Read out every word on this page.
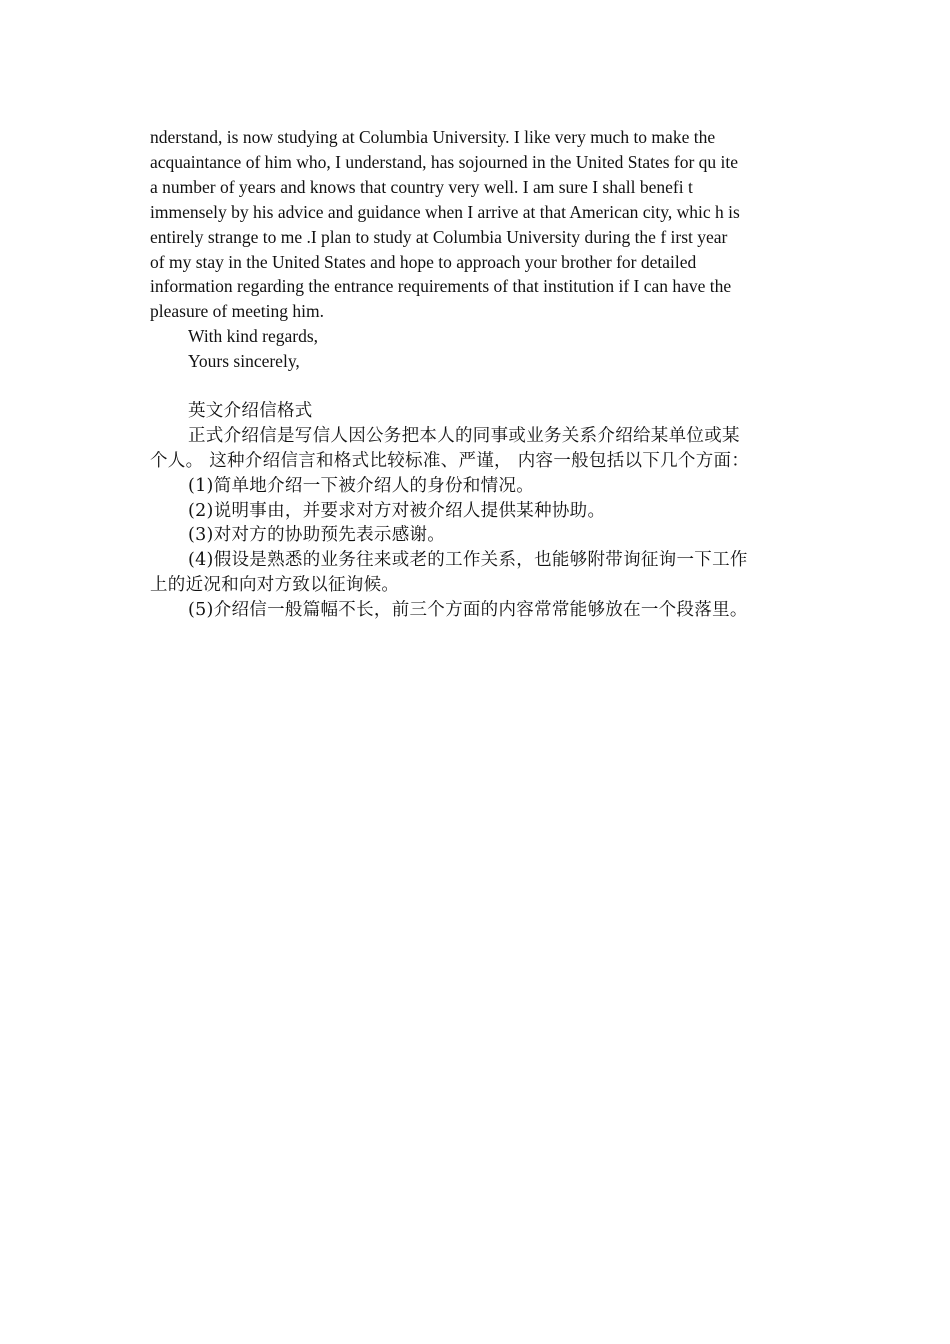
nderstand, is now studying at Columbia University. I like very much to make the
acquaintance of him who, I understand, has sojourned in the United States for qu ite
a number of years and knows that country very well. I am sure I shall benefi t
immensely by his advice and guidance when I arrive at that American city, whic h is
entirely strange to me .I plan to study at Columbia University during the f irst year
of my stay in the United States and hope to approach your brother for detailed
information regarding the entrance requirements of that institution if I can have the
pleasure of meeting him.
With kind regards,
Yours sincerely,
英文介绍信格式
正式介绍信是写信人因公务把本人的同事或业务关系介绍给某单位或某
个人。 这种介绍信言和格式比较标准、严谨， 内容一般包括以下几个方面：
(1)简单地介绍一下被介绍人的身份和情况。
(2)说明事由，并要求对方对被介绍人提供某种协助。
(3)对对方的协助预先表示感谢。
(4)假设是熟悉的业务往来或老的工作关系，也能够附带询征询一下工作
上的近况和向对方致以征询候。
(5)介绍信一般篇幅不长，前三个方面的内容常常能够放在一个段落里。
